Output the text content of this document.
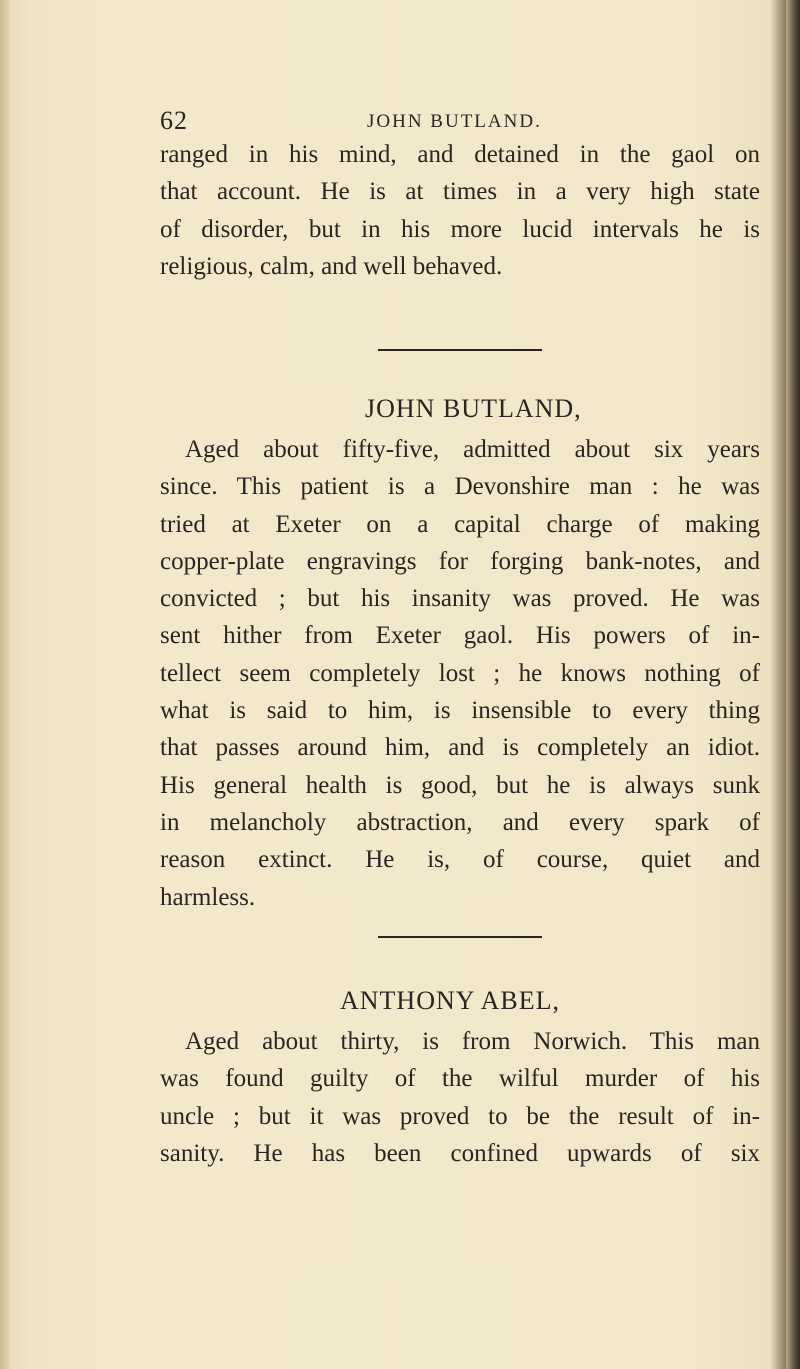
62	JOHN BUTLAND.
ranged in his mind, and detained in the gaol on
that account. He is at times in a very high state
of disorder, but in his more lucid intervals he is
religious, calm, and well behaved.
JOHN BUTLAND,
Aged about fifty-five, admitted about six years
since. This patient is a Devonshire man : he was
tried at Exeter on a capital charge of making
copper-plate engravings for forging bank-notes, and
convicted ; but his insanity was proved. He was
sent hither from Exeter gaol. His powers of in-
tellect seem completely lost ; he knows nothing of
what is said to him, is insensible to every thing
that passes around him, and is completely an idiot.
His general health is good, but he is always sunk
in melancholy abstraction, and every spark of
reason extinct. He is, of course, quiet and
harmless.
ANTHONY ABEL,
Aged about thirty, is from Norwich. This man
was found guilty of the wilful murder of his
uncle ; but it was proved to be the result of in-
sanity. He has been confined upwards of six
